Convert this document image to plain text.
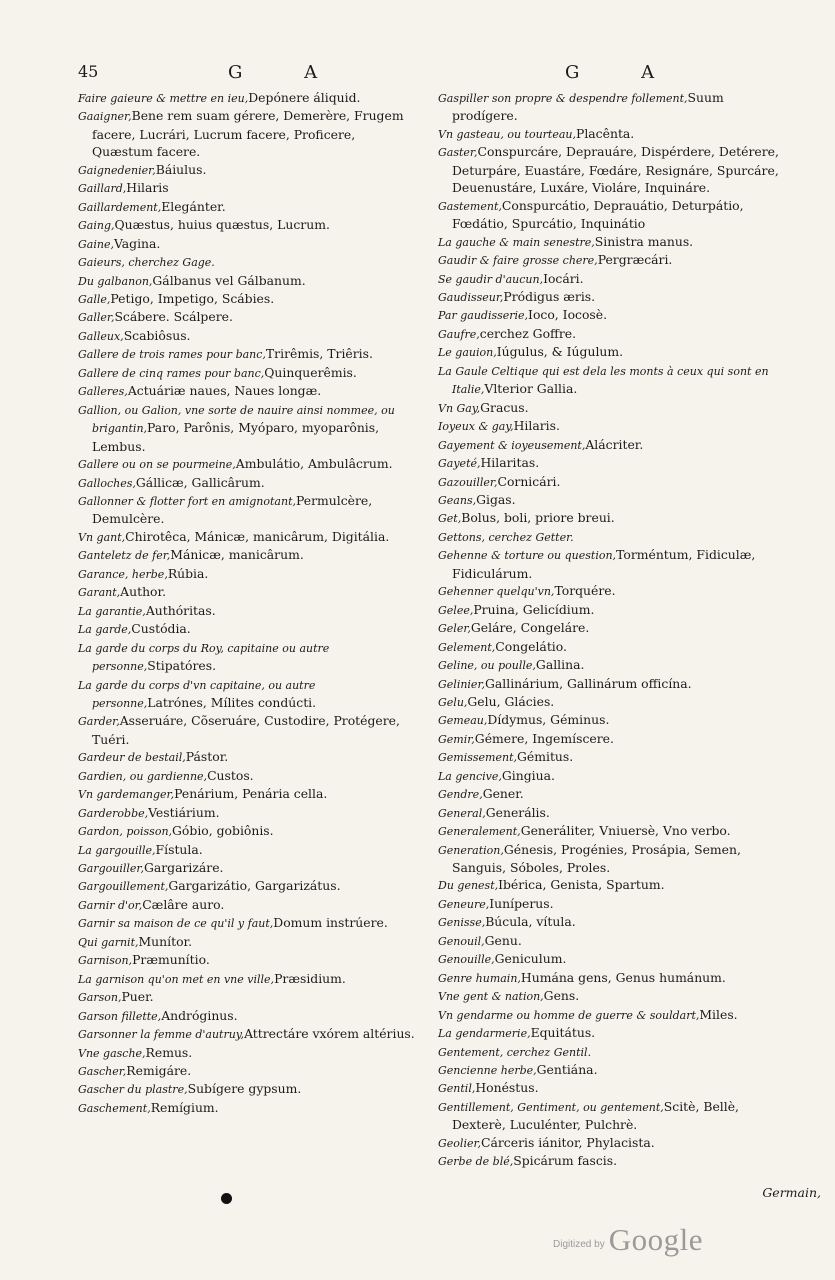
45	G A	G A

Faire gaieure & mettre en ieu,Depónere áliquid.

Gaaigner,Bene rem suam gérere, Demerère, Frugem facere, Lucrári, Lucrum facere, Proficere, Quæstum facere.

Gaignedenier,Báiulus.

Gaillard,Hilaris

Gaillardement,Elegánter.

Gaing,Quæstus, huius quæstus, Lucrum.

Gaine,Vagina.

Gaieurs, cherchez Gage.

Du galbanon,Gálbanus vel Gálbanum.

Galle,Petigo, Impetigo, Scábies.

Galler,Scábere. Scálpere.

Galleux,Scabiôsus.

Gallere de trois rames pour banc,Trirêmis, Triêris.

Gallere de cinq rames pour banc,Quinquerêmis.

Galleres,Actuáriæ naues, Naues longæ.

Gallion, ou Galion, vne sorte de nauire ainsi nommee, ou brigantin,Paro, Parônis, Myóparo, myoparônis, Lembus.

Gallere ou on se pourmeine,Ambulátio, Ambulâcrum.

Galloches,Gállicæ, Gallicârum.

Gallonner & flotter fort en amignotant,Permulcère, Demulcère.

Vn gant,Chirotêca, Mánicæ, manicârum, Digitália.

Ganteletz de fer,Mánicæ, manicârum.

Garance, herbe,Rúbia.

Garant,Author.

La garantie,Authóritas.

La garde,Custódia.

La garde du corps du Roy, capitaine ou autre personne,Stipatóres.

La garde du corps d'vn capitaine, ou autre personne,Latrónes, Mílites condúcti.

Garder,Asseruáre, Cõseruáre, Custodire, Protégere, Tuéri.

Gardeur de bestail,Pástor.

Gardien, ou gardienne,Custos.

Vn gardemanger,Penárium, Penária cella.

Garderobbe,Vestiárium.

Gardon, poisson,Góbio, gobiônis.

La gargouille,Fístula.

Gargouiller,Gargarizáre.

Gargouillement,Gargarizátio, Gargarizátus.

Garnir d'or,Cælâre auro.

Garnir sa maison de ce qu'il y faut,Domum instrúere.

Qui garnit,Munítor.

Garnison,Præmunítio.

La garnison qu'on met en vne ville,Præsidium.

Garson,Puer.

Garson fillette,Andróginus.

Garsonner la femme d'autruy,Attrectáre vxórem altérius.

Vne gasche,Remus.

Gascher,Remigáre.

Gascher du plastre,Subígere gypsum.

Gaschement,Remígium.

Gaspiller son propre & despendre follement,Suum prodígere.

Vn gasteau, ou tourteau,Placênta.

Gaster,Conspurcáre, Deprauáre, Dispérdere, Detérere, Deturpáre, Euastáre, Fœdáre, Resignáre, Spurcáre, Deuenustáre, Luxáre, Violáre, Inquináre.

Gastement,Conspurcátio, Deprauátio, Deturpátio, Fœdátio, Spurcátio, Inquinátio

La gauche & main senestre,Sinistra manus.

Gaudir & faire grosse chere,Pergræcári.

Se gaudir d'aucun,Iocári.

Gaudisseur,Pródigus æris.

Par gaudisserie,Ioco, Iocosè.

Gaufre,cerchez Goffre.

Le gauion,Iúgulus, & Iúgulum.

La Gaule Celtique qui est dela les monts à ceux qui sont en Italie,Vlterior Gallia.

Vn Gay,Gracus.

Ioyeux & gay,Hilaris.

Gayement & ioyeusement,Alácriter.

Gayeté,Hilaritas.

Gazouiller,Cornicári.

Geans,Gigas.

Get,Bolus, boli, priore breui.

Gettons, cerchez Getter.

Gehenne & torture ou question,Torméntum, Fidiculæ, Fidiculárum.

Gehenner quelqu'vn,Torquére.

Gelee,Pruina, Gelicídium.

Geler,Geláre, Congeláre.

Gelement,Congelátio.

Geline, ou poulle,Gallina.

Gelinier,Gallinárium, Gallinárum officína.

Gelu,Gelu, Glácies.

Gemeau,Dídymus, Géminus.

Gemir,Gémere, Ingemíscere.

Gemissement,Gémitus.

La gencive,Gingiua.

Gendre,Gener.

General,Generális.

Generalement,Generáliter, Vniuersè, Vno verbo.

Generation,Génesis, Progénies, Prosápia, Semen, Sanguis, Sóboles, Proles.

Du genest,Ibérica, Genista, Spartum.

Geneure,Iuníperus.

Genisse,Búcula, vítula.

Genouil,Genu.

Genouille,Geniculum.

Genre humain,Humána gens, Genus humánum.

Vne gent & nation,Gens.

Vn gendarme ou homme de guerre & souldart,Miles.

La gendarmerie,Equitátus.

Gentement, cerchez Gentil.

Gencienne herbe,Gentiána.

Gentil,Honéstus.

Gentillement, Gentiment, ou gentement,Scitè, Bellè, Dexterè, Luculénter, Pulchrè.

Geolier,Cárceris iánitor, Phylacista.

Gerbe de blé,Spicárum fascis.

Germain,
Digitized by Google
